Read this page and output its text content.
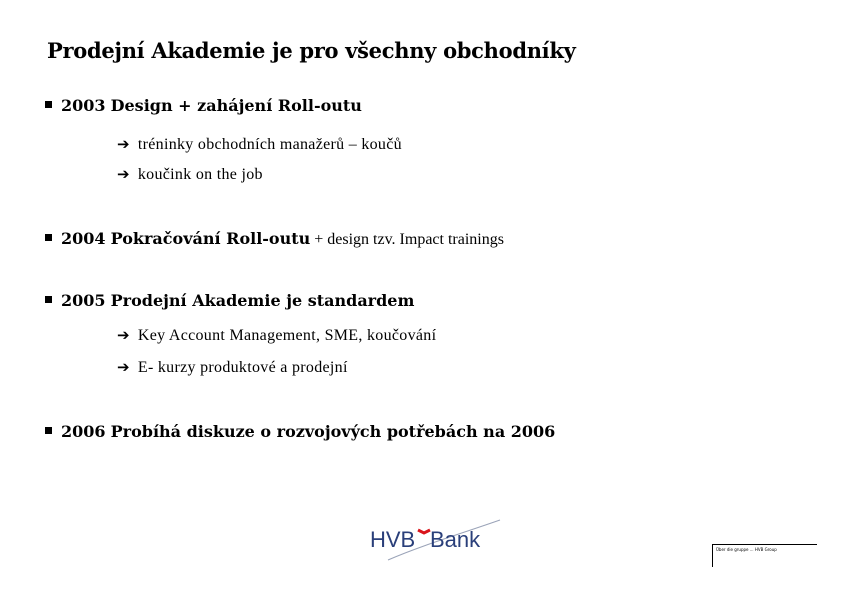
Prodejní Akademie je pro všechny obchodníky
2003 Design + zahájení Roll-outu
➔ tréninky obchodních manažerů – koučů
➔ koučink on the job
2004 Pokračování Roll-outu + design tzv. Impact trainings
2005 Prodejní Akademie je standardem
➔ Key Account Management, SME, koučování
➔ E- kurzy produktové a prodejní
2006 Probíhá diskuze o rozvojových potřebách na 2006
HVB Bank	Über die gruppe ... HVB Group
